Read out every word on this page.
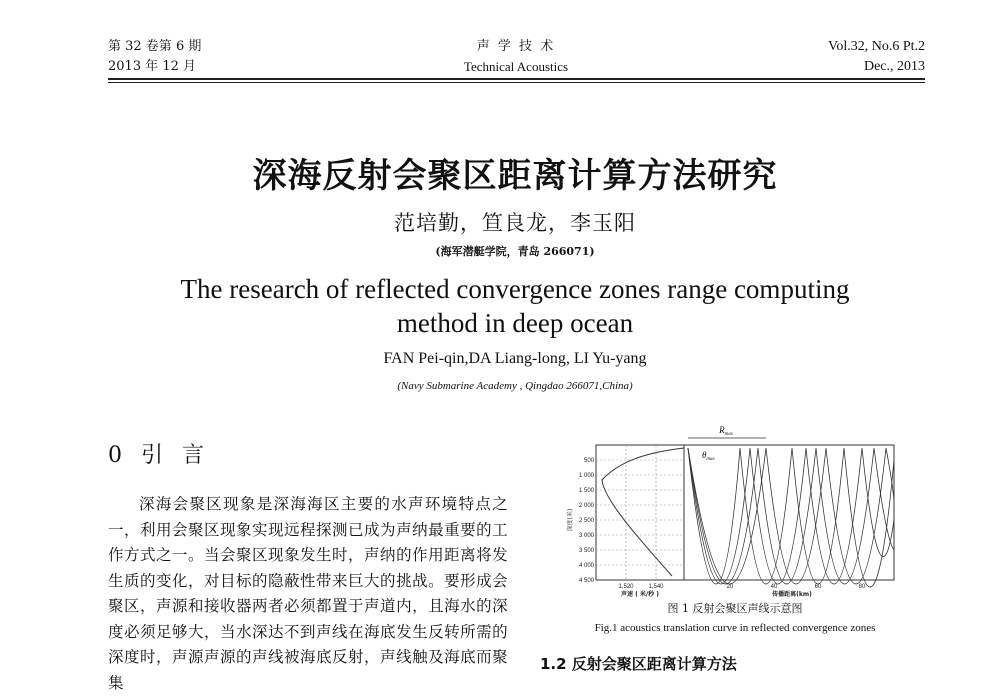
第 32 卷第 6 期
2013 年 12 月
声 学 技 术
Technical Acoustics
Vol.32, No.6 Pt.2
Dec., 2013
深海反射会聚区距离计算方法研究
范培勤，笪良龙，李玉阳
(海军潜艇学院，青岛 266071)
The research of reflected convergence zones range computing method in deep ocean
FAN Pei-qin,DA Liang-long, LI Yu-yang
(Navy Submarine Academy , Qingdao 266071,China)
0 引 言

深海会聚区现象是深海海区主要的水声环境特点之一，利用会聚区现象实现远程探测已成为声纳最重要的工作方式之一。当会聚区现象发生时，声纳的作用距离将发生质的变化，对目标的隐蔽性带来巨大的挑战。要形成会聚区，声源和接收器两者必须都置于声道内，且海水的深度必须足够大，当水深达不到声线在海底发生反转所需的深度时，声源声源的声线被海底反射，声线触及海底而聚集

500
1 000
1 500
2 000
2 500
3 000
3 500
4 000
4 500
深度(米)
1,520 1,540
声速 ( 米/秒 )
$R_{max}$
$\theta_{max}$
20	40	60	80
传播距离(km)
图 1 反射会聚区声线示意图
Fig.1 acoustics translation curve in reflected convergence zones
1.2 反射会聚区距离计算方法
